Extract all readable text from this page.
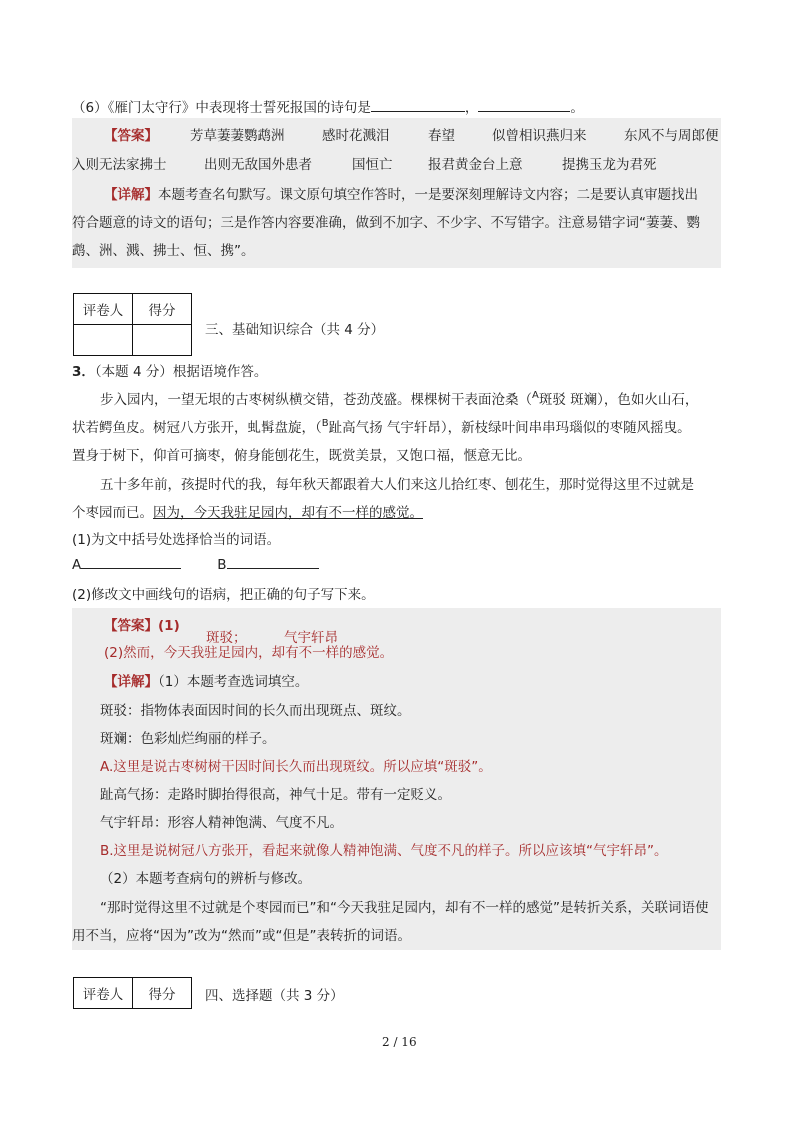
（6）《雁门太守行》中表现将士誓死报国的诗句是	，	。
【答案】 芳草萋萋鹦鹉洲	感时花溅泪	春望	似曾相识燕归来	东风不与周郎便
入则无法家拂士	出则无敌国外患者	国恒亡	报君黄金台上意	提携玉龙为君死
【详解】本题考查名句默写。课文原句填空作答时，一是要深刻理解诗文内容；二是要认真审题找出
符合题意的诗文的语句；三是作答内容要准确，做到不加字、不少字、不写错字。注意易错字词“萋萋、鹦
鹉、洲、溅、拂士、恒、携”。
评卷人	得分

三、基础知识综合（共 4 分）
3．（本题 4 分）根据语境作答。
步入园内，一望无垠的古枣树纵横交错，苍劲茂盛。棵棵树干表面沧桑（$^A$斑驳 斑斓），色如火山石，
状若鳄鱼皮。树冠八方张开，虬髯盘旋，（$^B$趾高气扬 气宇轩昂），新枝绿叶间串串玛瑙似的枣随风摇曳。
置身于树下，仰首可摘枣，俯身能刨花生，既赏美景，又饱口福，惬意无比。
五十多年前，孩提时代的我，每年秋天都跟着大人们来这儿拾红枣、刨花生，那时觉得这里不过就是
个枣园而已。因为，今天我驻足园内，却有不一样的感觉。
(1)为文中括号处选择恰当的词语。
A	B
(2)修改文中画线句的语病，把正确的句子写下来。
【答案】(1)
斑驳；	气宇轩昂
(2)然而，今天我驻足园内，却有不一样的感觉。
【详解】（1）本题考查选词填空。
斑驳：指物体表面因时间的长久而出现斑点、斑纹。
斑斓：色彩灿烂绚丽的样子。
A.这里是说古枣树树干因时间长久而出现斑纹。所以应填“斑驳”。
趾高气扬：走路时脚抬得很高，神气十足。带有一定贬义。
气宇轩昂：形容人精神饱满、气度不凡。
B.这里是说树冠八方张开，看起来就像人精神饱满、气度不凡的样子。所以应该填“气宇轩昂”。
（2）本题考查病句的辨析与修改。
“那时觉得这里不过就是个枣园而已”和“今天我驻足园内，却有不一样的感觉”是转折关系，关联词语使
用不当，应将“因为”改为“然而”或“但是”表转折的词语。
评卷人	得分 四、选择题（共 3 分）
2 / 16
